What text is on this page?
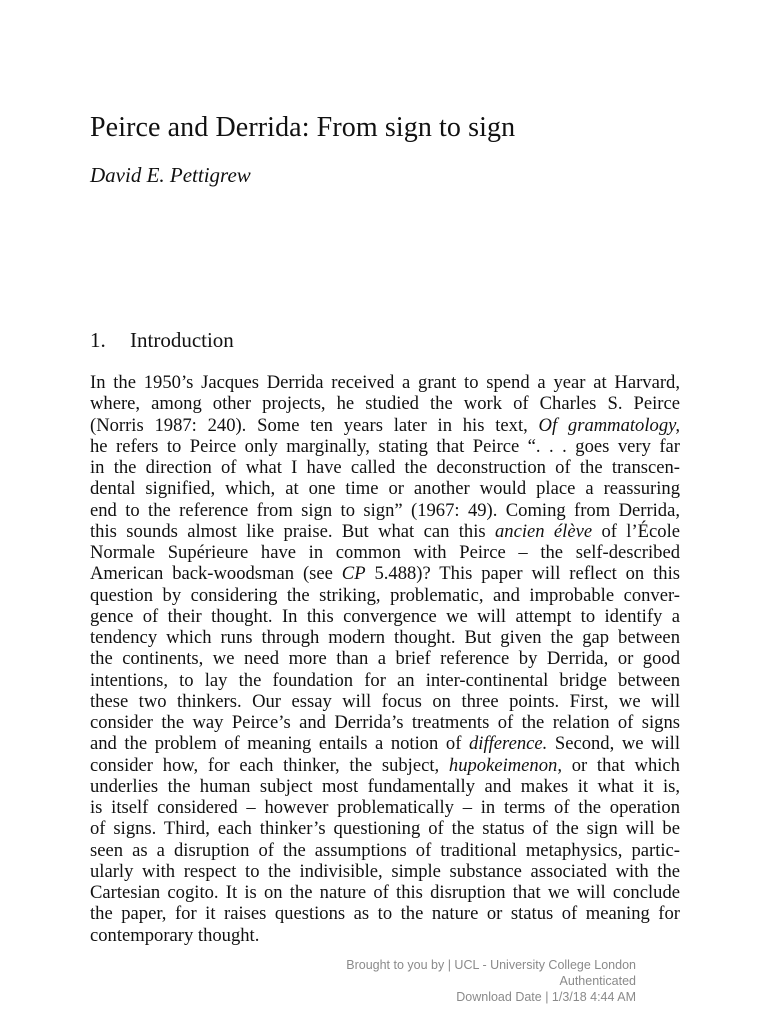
Peirce and Derrida: From sign to sign
David E. Pettigrew
1. Introduction
In the 1950’s Jacques Derrida received a grant to spend a year at Harvard,
where, among other projects, he studied the work of Charles S. Peirce
(Norris 1987: 240). Some ten years later in his text, Of grammatology,
he refers to Peirce only marginally, stating that Peirce “. . . goes very far
in the direction of what I have called the deconstruction of the transcen-
dental signified, which, at one time or another would place a reassuring
end to the reference from sign to sign” (1967: 49). Coming from Derrida,
this sounds almost like praise. But what can this ancien élève of l’École
Normale Supérieure have in common with Peirce – the self-described
American back-woodsman (see CP 5.488)? This paper will reflect on this
question by considering the striking, problematic, and improbable conver-
gence of their thought. In this convergence we will attempt to identify a
tendency which runs through modern thought. But given the gap between
the continents, we need more than a brief reference by Derrida, or good
intentions, to lay the foundation for an inter-continental bridge between
these two thinkers. Our essay will focus on three points. First, we will
consider the way Peirce’s and Derrida’s treatments of the relation of signs
and the problem of meaning entails a notion of difference. Second, we will
consider how, for each thinker, the subject, hupokeimenon, or that which
underlies the human subject most fundamentally and makes it what it is,
is itself considered – however problematically – in terms of the operation
of signs. Third, each thinker’s questioning of the status of the sign will be
seen as a disruption of the assumptions of traditional metaphysics, partic-
ularly with respect to the indivisible, simple substance associated with the
Cartesian cogito. It is on the nature of this disruption that we will conclude
the paper, for it raises questions as to the nature or status of meaning for
contemporary thought.
Brought to you by | UCL - University College London
Authenticated
Download Date | 1/3/18 4:44 AM
